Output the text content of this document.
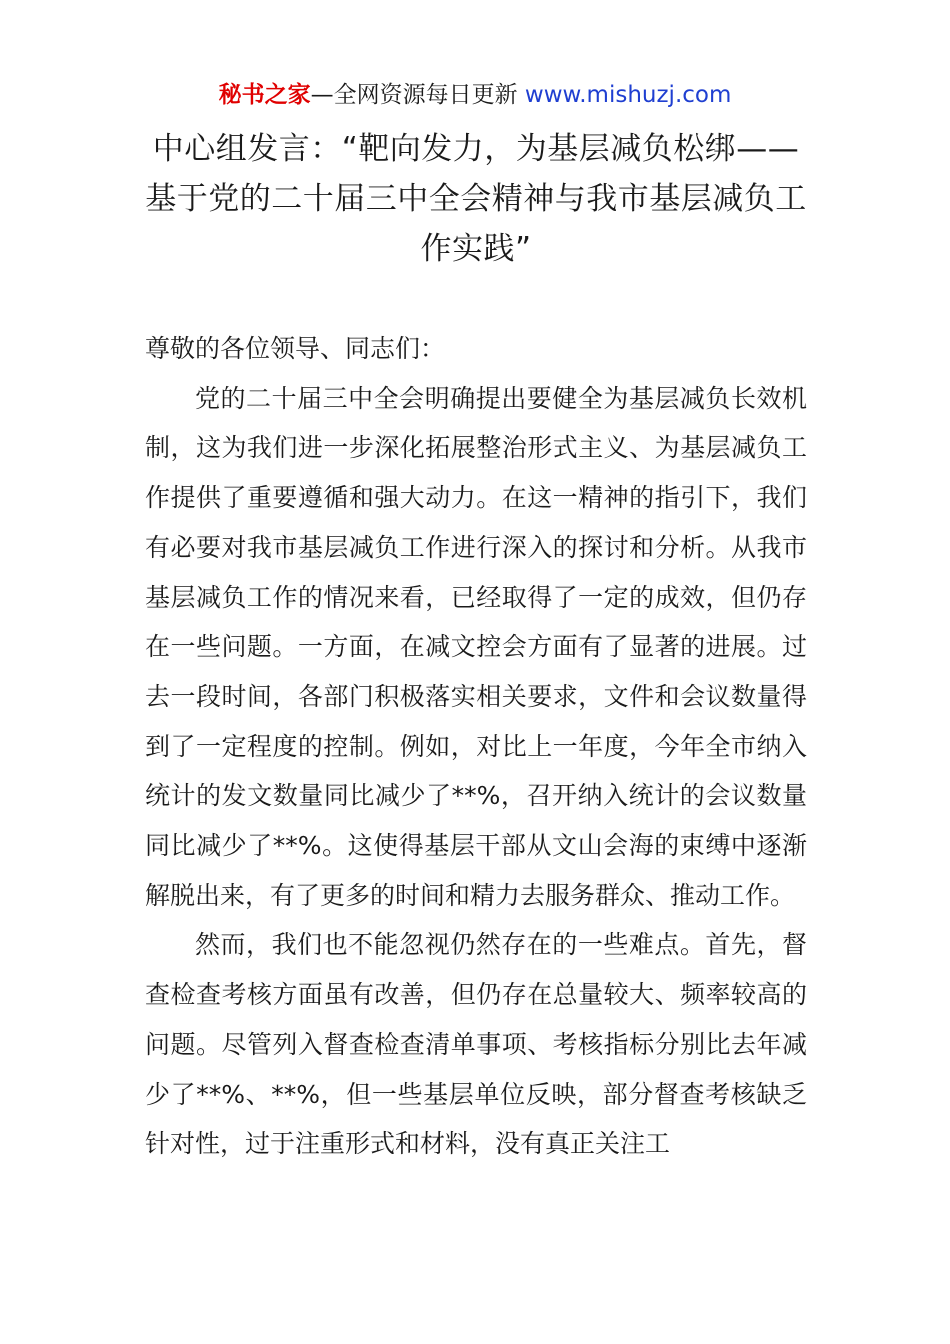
秘书之家—全网资源每日更新 www.mishuzj.com
中心组发言：“靶向发力，为基层减负松绑——基于党的二十届三中全会精神与我市基层减负工作实践”

尊敬的各位领导、同志们：

党的二十届三中全会明确提出要健全为基层减负长效机制，这为我们进一步深化拓展整治形式主义、为基层减负工作提供了重要遵循和强大动力。在这一精神的指引下，我们有必要对我市基层减负工作进行深入的探讨和分析。从我市基层减负工作的情况来看，已经取得了一定的成效，但仍存在一些问题。一方面，在减文控会方面有了显著的进展。过去一段时间，各部门积极落实相关要求，文件和会议数量得到了一定程度的控制。例如，对比上一年度，今年全市纳入统计的发文数量同比减少了**%，召开纳入统计的会议数量同比减少了**%。这使得基层干部从文山会海的束缚中逐渐解脱出来，有了更多的时间和精力去服务群众、推动工作。

然而，我们也不能忽视仍然存在的一些难点。首先，督查检查考核方面虽有改善，但仍存在总量较大、频率较高的问题。尽管列入督查检查清单事项、考核指标分别比去年减少了**%、**%，但一些基层单位反映，部分督查考核缺乏针对性，过于注重形式和材料，没有真正关注工
